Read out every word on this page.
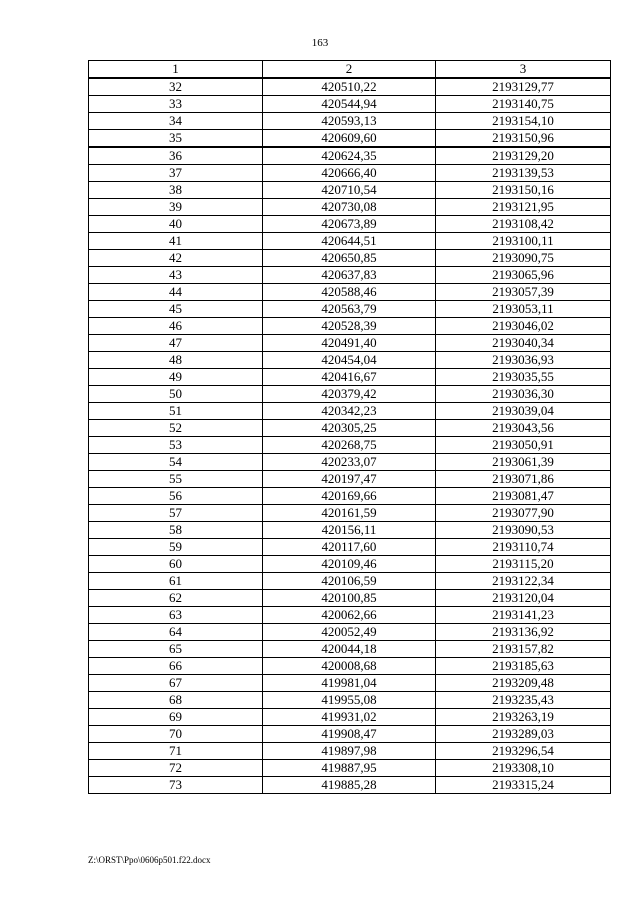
163
1	2	3
32	420510,22	2193129,77
33	420544,94	2193140,75
34	420593,13	2193154,10
35	420609,60	2193150,96
36	420624,35	2193129,20
37	420666,40	2193139,53
38	420710,54	2193150,16
39	420730,08	2193121,95
40	420673,89	2193108,42
41	420644,51	2193100,11
42	420650,85	2193090,75
43	420637,83	2193065,96
44	420588,46	2193057,39
45	420563,79	2193053,11
46	420528,39	2193046,02
47	420491,40	2193040,34
48	420454,04	2193036,93
49	420416,67	2193035,55
50	420379,42	2193036,30
51	420342,23	2193039,04
52	420305,25	2193043,56
53	420268,75	2193050,91
54	420233,07	2193061,39
55	420197,47	2193071,86
56	420169,66	2193081,47
57	420161,59	2193077,90
58	420156,11	2193090,53
59	420117,60	2193110,74
60	420109,46	2193115,20
61	420106,59	2193122,34
62	420100,85	2193120,04
63	420062,66	2193141,23
64	420052,49	2193136,92
65	420044,18	2193157,82
66	420008,68	2193185,63
67	419981,04	2193209,48
68	419955,08	2193235,43
69	419931,02	2193263,19
70	419908,47	2193289,03
71	419897,98	2193296,54
72	419887,95	2193308,10
73	419885,28	2193315,24
Z:\ORST\Ppo\0606p501.f22.docx
